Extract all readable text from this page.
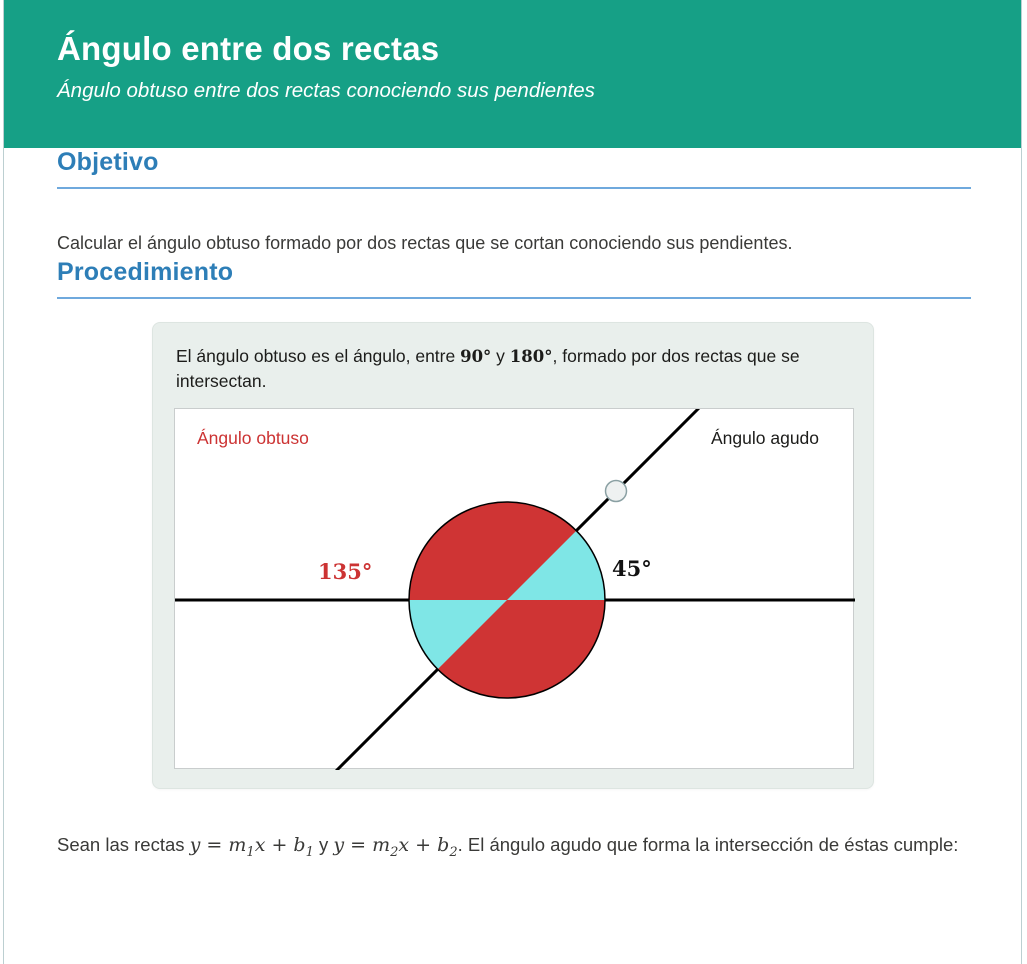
Ángulo entre dos rectas

Ángulo obtuso entre dos rectas conociendo sus pendientes

Objetivo

Calcular el ángulo obtuso formado por dos rectas que se cortan conociendo sus pendientes.

Procedimiento

El ángulo obtuso es el ángulo, entre 90° y 180°, formado por dos rectas que se intersectan.

Ángulo obtuso	Ángulo agudo
135°	45°

Sean las rectas $y = m_1x + b_1$ y $y = m_2x + b_2$. El ángulo agudo que forma la intersección de éstas cumple:
